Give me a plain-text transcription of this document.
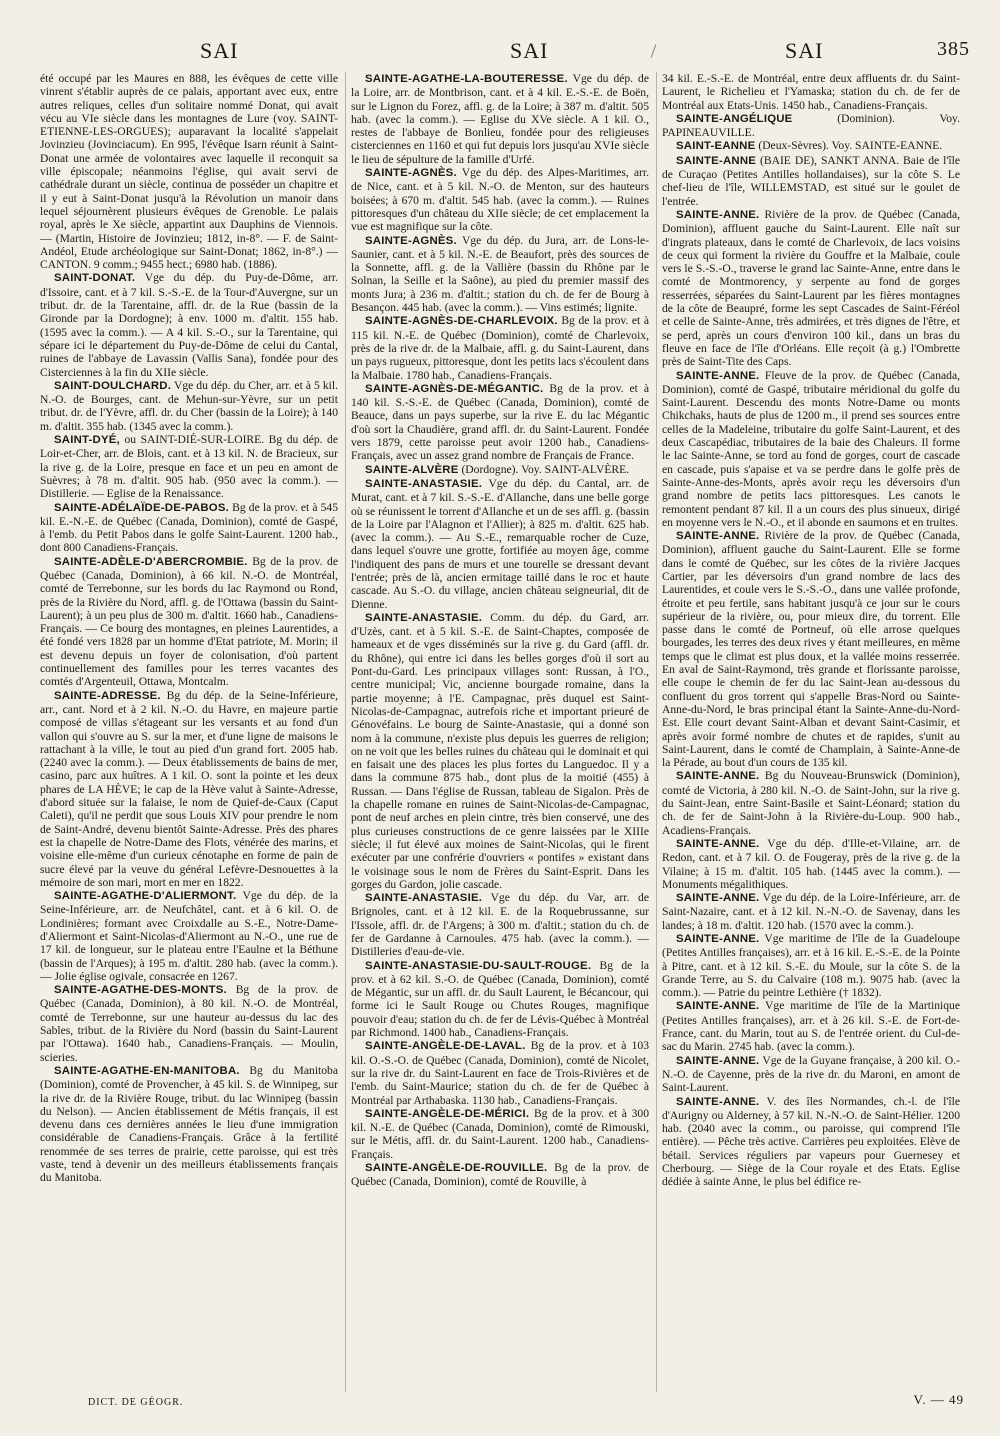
SAI	SAI	SAI	385

été occupé par les Maures en 888, les évêques de cette ville vinrent s'établir auprès de ce palais, apportant avec eux, entre autres reliques, celles d'un solitaire nommé Donat, qui avait vécu au VIe siècle dans les montagnes de Lure (voy. SAINT-ETIENNE-LES-ORGUES); auparavant la localité s'appelait Jovinzieu (Jovinciacum). En 995, l'évêque Isarn réunit à Saint-Donat une armée de volontaires avec laquelle il reconquit sa ville épiscopale; néanmoins l'église, qui avait servi de cathédrale durant un siècle, continua de posséder un chapitre et il y eut à Saint-Donat jusqu'à la Révolution un manoir dans lequel séjournèrent plusieurs évêques de Grenoble. Le palais royal, après le Xe siècle, appartint aux Dauphins de Viennois. — (Martin, Histoire de Jovinzieu; 1812, in-8°. — F. de Saint-Andéol, Etude archéologique sur Saint-Donat; 1862, in-8°.) — CANTON. 9 comm.; 9455 hect.; 6980 hab. (1886).

SAINT-DONAT. Vge du dép. du Puy-de-Dôme, arr. d'Issoire, cant. et à 7 kil. S.-S.-E. de la Tour-d'Auvergne, sur un tribut. dr. de la Tarentaine, affl. dr. de la Rue (bassin de la Gironde par la Dordogne); à env. 1000 m. d'altit. 155 hab. (1595 avec la comm.). — A 4 kil. S.-O., sur la Tarentaine, qui sépare ici le département du Puy-de-Dôme de celui du Cantal, ruines de l'abbaye de Lavassin (Vallis Sana), fondée pour des Cisterciennes à la fin du XIIe siècle.

SAINT-DOULCHARD. Vge du dép. du Cher, arr. et à 5 kil. N.-O. de Bourges, cant. de Mehun-sur-Yèvre, sur un petit tribut. dr. de l'Yèvre, affl. dr. du Cher (bassin de la Loire); à 140 m. d'altit. 355 hab. (1345 avec la comm.).

SAINT-DYÉ, ou SAINT-DIÉ-SUR-LOIRE. Bg du dép. de Loir-et-Cher, arr. de Blois, cant. et à 13 kil. N. de Bracieux, sur la rive g. de la Loire, presque en face et un peu en amont de Suèvres; à 78 m. d'altit. 905 hab. (950 avec la comm.). — Distillerie. — Eglise de la Renaissance.

SAINTE-ADÉLAÏDE-DE-PABOS. Bg de la prov. et à 545 kil. E.-N.-E. de Québec (Canada, Dominion), comté de Gaspé, à l'emb. du Petit Pabos dans le golfe Saint-Laurent. 1200 hab., dont 800 Canadiens-Français.

SAINTE-ADÈLE-D'ABERCROMBIE. Bg de la prov. de Québec (Canada, Dominion), à 66 kil. N.-O. de Montréal, comté de Terrebonne, sur les bords du lac Raymond ou Rond, près de la Rivière du Nord, affl. g. de l'Ottawa (bassin du Saint-Laurent); à un peu plus de 300 m. d'altit. 1660 hab., Canadiens-Français. — Ce bourg des montagnes, en pleines Laurentides, a été fondé vers 1828 par un homme d'Etat patriote, M. Morin; il est devenu depuis un foyer de colonisation, d'où partent continuellement des familles pour les terres vacantes des comtés d'Argenteuil, Ottawa, Montcalm.

SAINTE-ADRESSE. Bg du dép. de la Seine-Inférieure, arr., cant. Nord et à 2 kil. N.-O. du Havre, en majeure partie composé de villas s'étageant sur les versants et au fond d'un vallon qui s'ouvre au S. sur la mer, et d'une ligne de maisons le rattachant à la ville, le tout au pied d'un grand fort. 2005 hab. (2240 avec la comm.). — Deux établissements de bains de mer, casino, parc aux huîtres. A 1 kil. O. sont la pointe et les deux phares de LA HÈVE; le cap de la Hève valut à Sainte-Adresse, d'abord située sur la falaise, le nom de Quief-de-Caux (Caput Caleti), qu'il ne perdit que sous Louis XIV pour prendre le nom de Saint-André, devenu bientôt Sainte-Adresse. Près des phares est la chapelle de Notre-Dame des Flots, vénérée des marins, et voisine elle-même d'un curieux cénotaphe en forme de pain de sucre élevé par la veuve du général Lefèvre-Desnouettes à la mémoire de son mari, mort en mer en 1822.

SAINTE-AGATHE-D'ALIERMONT. Vge du dép. de la Seine-Inférieure, arr. de Neufchâtel, cant. et à 6 kil. O. de Londinières; formant avec Croixdalle au S.-E., Notre-Dame-d'Aliermont et Saint-Nicolas-d'Aliermont au N.-O., une rue de 17 kil. de longueur, sur le plateau entre l'Eaulne et la Béthune (bassin de l'Arques); à 195 m. d'altit. 280 hab. (avec la comm.). — Jolie église ogivale, consacrée en 1267.

SAINTE-AGATHE-DES-MONTS. Bg de la prov. de Québec (Canada, Dominion), à 80 kil. N.-O. de Montréal, comté de Terrebonne, sur une hauteur au-dessus du lac des Sables, tribut. de la Rivière du Nord (bassin du Saint-Laurent par l'Ottawa). 1640 hab., Canadiens-Français. — Moulin, scieries.

SAINTE-AGATHE-EN-MANITOBA. Bg du Manitoba (Dominion), comté de Provencher, à 45 kil. S. de Winnipeg, sur la rive dr. de la Rivière Rouge, tribut. du lac Winnipeg (bassin du Nelson). — Ancien établissement de Métis français, il est devenu dans ces dernières années le lieu d'une immigration considérable de Canadiens-Français. Grâce à la fertilité renommée de ses terres de prairie, cette paroisse, qui est très vaste, tend à devenir un des meilleurs établissements français du Manitoba.

SAINTE-AGATHE-LA-BOUTERESSE. Vge du dép. de la Loire, arr. de Montbrison, cant. et à 4 kil. E.-S.-E. de Boën, sur le Lignon du Forez, affl. g. de la Loire; à 387 m. d'altit. 505 hab. (avec la comm.). — Eglise du XVe siècle. A 1 kil. O., restes de l'abbaye de Bonlieu, fondée pour des religieuses cisterciennes en 1160 et qui fut depuis lors jusqu'au XVIe siècle le lieu de sépulture de la famille d'Urfé.

SAINTE-AGNÈS. Vge du dép. des Alpes-Maritimes, arr. de Nice, cant. et à 5 kil. N.-O. de Menton, sur des hauteurs boisées; à 670 m. d'altit. 545 hab. (avec la comm.). — Ruines pittoresques d'un château du XIIe siècle; de cet emplacement la vue est magnifique sur la côte.

SAINTE-AGNÈS. Vge du dép. du Jura, arr. de Lons-le-Saunier, cant. et à 5 kil. N.-E. de Beaufort, près des sources de la Sonnette, affl. g. de la Vallière (bassin du Rhône par le Solnan, la Seille et la Saône), au pied du premier massif des monts Jura; à 236 m. d'altit.; station du ch. de fer de Bourg à Besançon. 445 hab. (avec la comm.). — Vins estimés; lignite.

SAINTE-AGNÈS-DE-CHARLEVOIX. Bg de la prov. et à 115 kil. N.-E. de Québec (Dominion), comté de Charlevoix, près de la rive dr. de la Malbaie, affl. g. du Saint-Laurent, dans un pays rugueux, pittoresque, dont les petits lacs s'écoulent dans la Malbaie. 1780 hab., Canadiens-Français.

SAINTE-AGNÈS-DE-MÉGANTIC. Bg de la prov. et à 140 kil. S.-S.-E. de Québec (Canada, Dominion), comté de Beauce, dans un pays superbe, sur la rive E. du lac Mégantic d'où sort la Chaudière, grand affl. dr. du Saint-Laurent. Fondée vers 1879, cette paroisse peut avoir 1200 hab., Canadiens-Français, avec un assez grand nombre de Français de France.

SAINTE-ALVÈRE (Dordogne). Voy. SAINT-ALVÈRE.

SAINTE-ANASTASIE. Vge du dép. du Cantal, arr. de Murat, cant. et à 7 kil. S.-S.-E. d'Allanche, dans une belle gorge où se réunissent le torrent d'Allanche et un de ses affl. g. (bassin de la Loire par l'Alagnon et l'Allier); à 825 m. d'altit. 625 hab. (avec la comm.). — Au S.-E., remarquable rocher de Cuze, dans lequel s'ouvre une grotte, fortifiée au moyen âge, comme l'indiquent des pans de murs et une tourelle se dressant devant l'entrée; près de là, ancien ermitage taillé dans le roc et haute cascade. Au S.-O. du village, ancien château seigneurial, dit de Dienne.

SAINTE-ANASTASIE. Comm. du dép. du Gard, arr. d'Uzès, cant. et à 5 kil. S.-E. de Saint-Chaptes, composée de hameaux et de vges disséminés sur la rive g. du Gard (affl. dr. du Rhône), qui entre ici dans les belles gorges d'où il sort au Pont-du-Gard. Les principaux villages sont: Russan, à l'O., centre municipal; Vic, ancienne bourgade romaine, dans la partie moyenne; à l'E. Campagnac, près duquel est Saint-Nicolas-de-Campagnac, autrefois riche et important prieuré de Génovéfains. Le bourg de Sainte-Anastasie, qui a donné son nom à la commune, n'existe plus depuis les guerres de religion; on ne voit que les belles ruines du château qui le dominait et qui en faisait une des places les plus fortes du Languedoc. Il y a dans la commune 875 hab., dont plus de la moitié (455) à Russan. — Dans l'église de Russan, tableau de Sigalon. Près de la chapelle romane en ruines de Saint-Nicolas-de-Campagnac, pont de neuf arches en plein cintre, très bien conservé, une des plus curieuses constructions de ce genre laissées par le XIIIe siècle; il fut élevé aux moines de Saint-Nicolas, qui le firent exécuter par une confrérie d'ouvriers « pontifes » existant dans le voisinage sous le nom de Frères du Saint-Esprit. Dans les gorges du Gardon, jolie cascade.

SAINTE-ANASTASIE. Vge du dép. du Var, arr. de Brignoles, cant. et à 12 kil. E. de la Roquebrussanne, sur l'Issole, affl. dr. de l'Argens; à 300 m. d'altit.; station du ch. de fer de Gardanne à Carnoules. 475 hab. (avec la comm.). — Distilleries d'eau-de-vie.

SAINTE-ANASTASIE-DU-SAULT-ROUGE. Bg de la prov. et à 62 kil. S.-O. de Québec (Canada, Dominion), comté de Mégantic, sur un affl. dr. du Sault Laurent, le Bécancour, qui forme ici le Sault Rouge ou Chutes Rouges, magnifique pouvoir d'eau; station du ch. de fer de Lévis-Québec à Montréal par Richmond. 1400 hab., Canadiens-Français.

SAINTE-ANGÈLE-DE-LAVAL. Bg de la prov. et à 103 kil. O.-S.-O. de Québec (Canada, Dominion), comté de Nicolet, sur la rive dr. du Saint-Laurent en face de Trois-Rivières et de l'emb. du Saint-Maurice; station du ch. de fer de Québec à Montréal par Arthabaska. 1130 hab., Canadiens-Français.

SAINTE-ANGÈLE-DE-MÉRICI. Bg de la prov. et à 300 kil. N.-E. de Québec (Canada, Dominion), comté de Rimouski, sur le Métis, affl. dr. du Saint-Laurent. 1200 hab., Canadiens-Français.

SAINTE-ANGÈLE-DE-ROUVILLE. Bg de la prov. de Québec (Canada, Dominion), comté de Rouville, à

34 kil. E.-S.-E. de Montréal, entre deux affluents dr. du Saint-Laurent, le Richelieu et l'Yamaska; station du ch. de fer de Montréal aux Etats-Unis. 1450 hab., Canadiens-Français.

SAINTE-ANGÉLIQUE	(Dominion). Voy. PAPINEAUVILLE.

SAINT-EANNE (Deux-Sèvres). Voy. SAINTE-EANNE.

SAINTE-ANNE (BAIE DE), SANKT ANNA. Baie de l'île de Curaçao (Petites Antilles hollandaises), sur la côte S. Le chef-lieu de l'île, WILLEMSTAD, est situé sur le goulet de l'entrée.

SAINTE-ANNE. Rivière de la prov. de Québec (Canada, Dominion), affluent gauche du Saint-Laurent. Elle naît sur d'ingrats plateaux, dans le comté de Charlevoix, de lacs voisins de ceux qui forment la rivière du Gouffre et la Malbaie, coule vers le S.-S.-O., traverse le grand lac Sainte-Anne, entre dans le comté de Montmorency, y serpente au fond de gorges resserrées, séparées du Saint-Laurent par les fières montagnes de la côte de Beaupré, forme les sept Cascades de Saint-Féréol et celle de Sainte-Anne, très admirées, et très dignes de l'être, et se perd, après un cours d'environ 100 kil., dans un bras du fleuve en face de l'île d'Orléans. Elle reçoit (à g.) l'Ombrette près de Saint-Tite des Caps.

SAINTE-ANNE. Fleuve de la prov. de Québec (Canada, Dominion), comté de Gaspé, tributaire méridional du golfe du Saint-Laurent. Descendu des monts Notre-Dame ou monts Chikchaks, hauts de plus de 1200 m., il prend ses sources entre celles de la Madeleine, tributaire du golfe Saint-Laurent, et des deux Cascapédiac, tributaires de la baie des Chaleurs. Il forme le lac Sainte-Anne, se tord au fond de gorges, court de cascade en cascade, puis s'apaise et va se perdre dans le golfe près de Sainte-Anne-des-Monts, après avoir reçu les déversoirs d'un grand nombre de petits lacs pittoresques. Les canots le remontent pendant 87 kil. Il a un cours des plus sinueux, dirigé en moyenne vers le N.-O., et il abonde en saumons et en truites.

SAINTE-ANNE. Rivière de la prov. de Québec (Canada, Dominion), affluent gauche du Saint-Laurent. Elle se forme dans le comté de Québec, sur les côtes de la rivière Jacques Cartier, par les déversoirs d'un grand nombre de lacs des Laurentides, et coule vers le S.-S.-O., dans une vallée profonde, étroite et peu fertile, sans habitant jusqu'à ce jour sur le cours supérieur de la rivière, ou, pour mieux dire, du torrent. Elle passe dans le comté de Portneuf, où elle arrose quelques bourgades, les terres des deux rives y étant meilleures, en même temps que le climat est plus doux, et la vallée moins resserrée. En aval de Saint-Raymond, très grande et florissante paroisse, elle coupe le chemin de fer du lac Saint-Jean au-dessous du confluent du gros torrent qui s'appelle Bras-Nord ou Sainte-Anne-du-Nord, le bras principal étant la Sainte-Anne-du-Nord-Est. Elle court devant Saint-Alban et devant Saint-Casimir, et après avoir formé nombre de chutes et de rapides, s'unit au Saint-Laurent, dans le comté de Champlain, à Sainte-Anne-de la Pérade, au bout d'un cours de 135 kil.

SAINTE-ANNE. Bg du Nouveau-Brunswick (Dominion), comté de Victoria, à 280 kil. N.-O. de Saint-John, sur la rive g. du Saint-Jean, entre Saint-Basile et Saint-Léonard; station du ch. de fer de Saint-John à la Rivière-du-Loup. 900 hab., Acadiens-Français.

SAINTE-ANNE. Vge du dép. d'Ille-et-Vilaine, arr. de Redon, cant. et à 7 kil. O. de Fougeray, près de la rive g. de la Vilaine; à 15 m. d'altit. 105 hab. (1445 avec la comm.). — Monuments mégalithiques.

SAINTE-ANNE. Vge du dép. de la Loire-Inférieure, arr. de Saint-Nazaire, cant. et à 12 kil. N.-N.-O. de Savenay, dans les landes; à 18 m. d'altit. 120 hab. (1570 avec la comm.).

SAINTE-ANNE. Vge maritime de l'île de la Guadeloupe (Petites Antilles françaises), arr. et à 16 kil. E.-S.-E. de la Pointe à Pitre, cant. et à 12 kil. S.-E. du Moule, sur la côte S. de la Grande Terre, au S. du Calvaire (108 m.). 9075 hab. (avec la comm.). — Patrie du peintre Lethière († 1832).

SAINTE-ANNE. Vge maritime de l'île de la Martinique (Petites Antilles françaises), arr. et à 26 kil. S.-E. de Fort-de-France, cant. du Marin, tout au S. de l'entrée orient. du Cul-de-sac du Marin. 2745 hab. (avec la comm.).

SAINTE-ANNE. Vge de la Guyane française, à 200 kil. O.-N.-O. de Cayenne, près de la rive dr. du Maroni, en amont de Saint-Laurent.

SAINTE-ANNE. V. des îles Normandes, ch.-l. de l'île d'Aurigny ou Alderney, à 57 kil. N.-N.-O. de Saint-Hélier. 1200 hab. (2040 avec la comm., ou paroisse, qui comprend l'île entière). — Pêche très active. Carrières peu exploitées. Elève de bétail. Services réguliers par vapeurs pour Guernesey et Cherbourg. — Siège de la Cour royale et des Etats. Eglise dédiée à sainte Anne, le plus bel édifice re-

DICT. DE GÉOGR.	V. — 49
